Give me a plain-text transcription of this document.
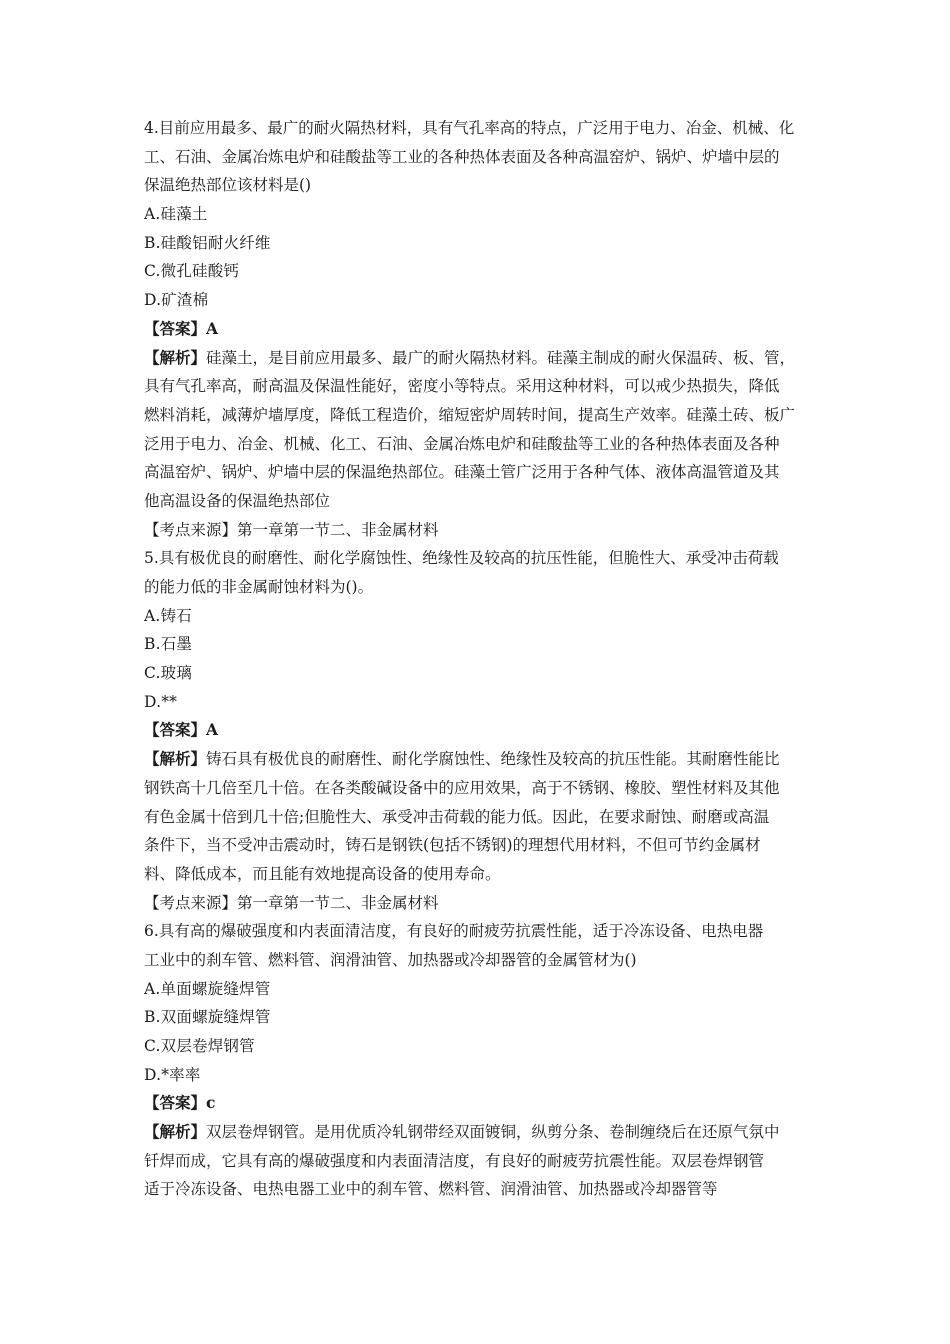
4.目前应用最多、最广的耐火隔热材料，具有气孔率高的特点，广泛用于电力、冶金、机械、化
工、石油、金属冶炼电炉和硅酸盐等工业的各种热体表面及各种高温窑炉、锅炉、炉墙中层的
保温绝热部位该材料是()
A.硅藻土
B.硅酸铝耐火纤维
C.微孔硅酸钙
D.矿渣棉
【答案】A
【解析】硅藻土，是目前应用最多、最广的耐火隔热材料。硅藻主制成的耐火保温砖、板、管，
具有气孔率高，耐高温及保温性能好，密度小等特点。采用这种材料，可以戒少热损失，降低
燃料消耗，减薄炉墙厚度，降低工程造价，缩短密炉周转时间，提高生产效率。硅藻土砖、板广
泛用于电力、冶金、机械、化工、石油、金属冶炼电炉和硅酸盐等工业的各种热体表面及各种
高温窑炉、锅炉、炉墙中层的保温绝热部位。硅藻土管广泛用于各种气体、液体高温管道及其
他高温设备的保温绝热部位
【考点来源】第一章第一节二、非金属材料
5.具有极优良的耐磨性、耐化学腐蚀性、绝缘性及较高的抗压性能，但脆性大、承受冲击荷载
的能力低的非金属耐蚀材料为()。
A.铸石
B.石墨
C.玻璃
D.**
【答案】A
【解析】铸石具有极优良的耐磨性、耐化学腐蚀性、绝缘性及较高的抗压性能。其耐磨性能比
钢铁高十几倍至几十倍。在各类酸碱设备中的应用效果，高于不锈钢、橡胶、塑性材料及其他
有色金属十倍到几十倍;但脆性大、承受冲击荷载的能力低。因此，在要求耐蚀、耐磨或高温
条件下，当不受冲击震动时，铸石是钢铁(包括不锈钢)的理想代用材料，不但可节约金属材
料、降低成本，而且能有效地提高设备的使用寿命。
【考点来源】第一章第一节二、非金属材料
6.具有高的爆破强度和内表面清洁度，有良好的耐疲劳抗震性能，适于冷冻设备、电热电器
工业中的刹车管、燃料管、润滑油管、加热器或冷却器管的金属管材为()
A.单面螺旋缝焊管
B.双面螺旋缝焊管
C.双层卷焊钢管
D.*率率
【答案】c
【解析】双层卷焊钢管。是用优质冷轧钢带经双面镀铜，纵剪分条、卷制缠绕后在还原气氛中
钎焊而成，它具有高的爆破强度和内表面清洁度，有良好的耐疲劳抗震性能。双层卷焊钢管
适于冷冻设备、电热电器工业中的刹车管、燃料管、润滑油管、加热器或冷却器管等
